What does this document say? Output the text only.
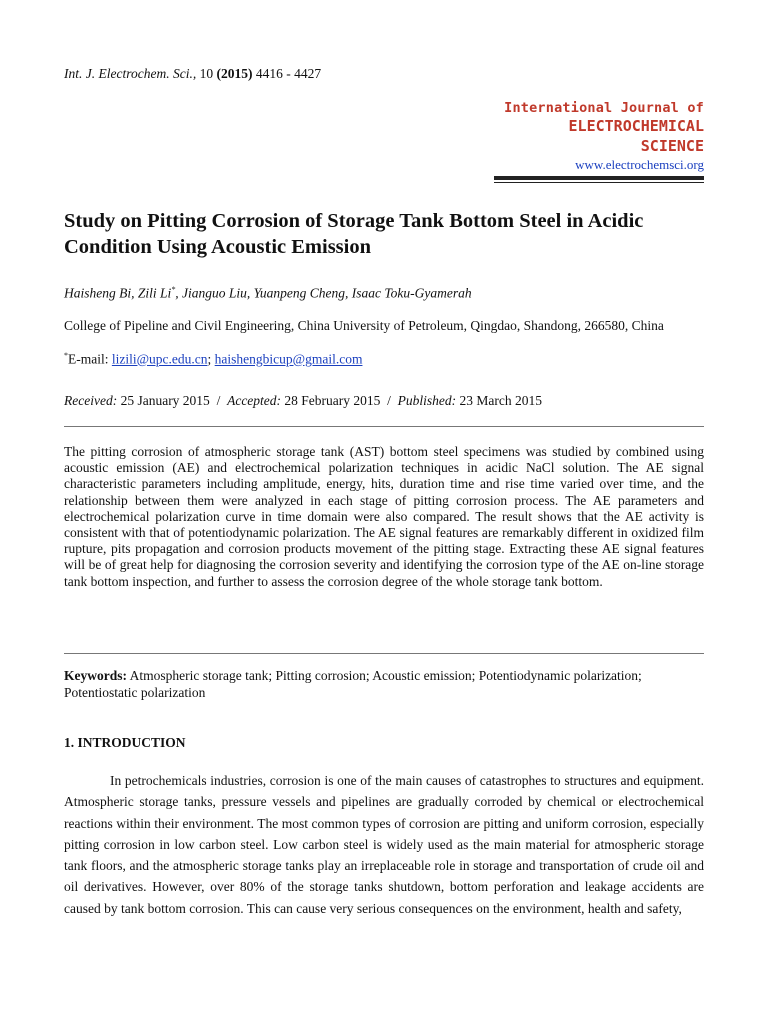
Int. J. Electrochem. Sci., 10 (2015) 4416 - 4427
International Journal of
ELECTROCHEMICAL
SCIENCE
www.electrochemsci.org
Study on Pitting Corrosion of Storage Tank Bottom Steel in Acidic Condition Using Acoustic Emission
Haisheng Bi, Zili Li*, Jianguo Liu, Yuanpeng Cheng, Isaac Toku-Gyamerah
College of Pipeline and Civil Engineering, China University of Petroleum, Qingdao, Shandong, 266580, China
*E-mail: lizili@upc.edu.cn; haishengbicup@gmail.com
Received: 25 January 2015 / Accepted: 28 February 2015 / Published: 23 March 2015
The pitting corrosion of atmospheric storage tank (AST) bottom steel specimens was studied by combined using acoustic emission (AE) and electrochemical polarization techniques in acidic NaCl solution. The AE signal characteristic parameters including amplitude, energy, hits, duration time and rise time varied over time, and the relationship between them were analyzed in each stage of pitting corrosion process. The AE parameters and electrochemical polarization curve in time domain were also compared. The result shows that the AE activity is consistent with that of potentiodynamic polarization. The AE signal features are remarkably different in oxidized film rupture, pits propagation and corrosion products movement of the pitting stage. Extracting these AE signal features will be of great help for diagnosing the corrosion severity and identifying the corrosion type of the AE on-line storage tank bottom inspection, and further to assess the corrosion degree of the whole storage tank bottom.
Keywords: Atmospheric storage tank; Pitting corrosion; Acoustic emission; Potentiodynamic polarization; Potentiostatic polarization
1. INTRODUCTION
In petrochemicals industries, corrosion is one of the main causes of catastrophes to structures and equipment. Atmospheric storage tanks, pressure vessels and pipelines are gradually corroded by chemical or electrochemical reactions within their environment. The most common types of corrosion are pitting and uniform corrosion, especially pitting corrosion in low carbon steel. Low carbon steel is widely used as the main material for atmospheric storage tank floors, and the atmospheric storage tanks play an irreplaceable role in storage and transportation of crude oil and oil derivatives. However, over 80% of the storage tanks shutdown, bottom perforation and leakage accidents are caused by tank bottom corrosion. This can cause very serious consequences on the environment, health and safety,
